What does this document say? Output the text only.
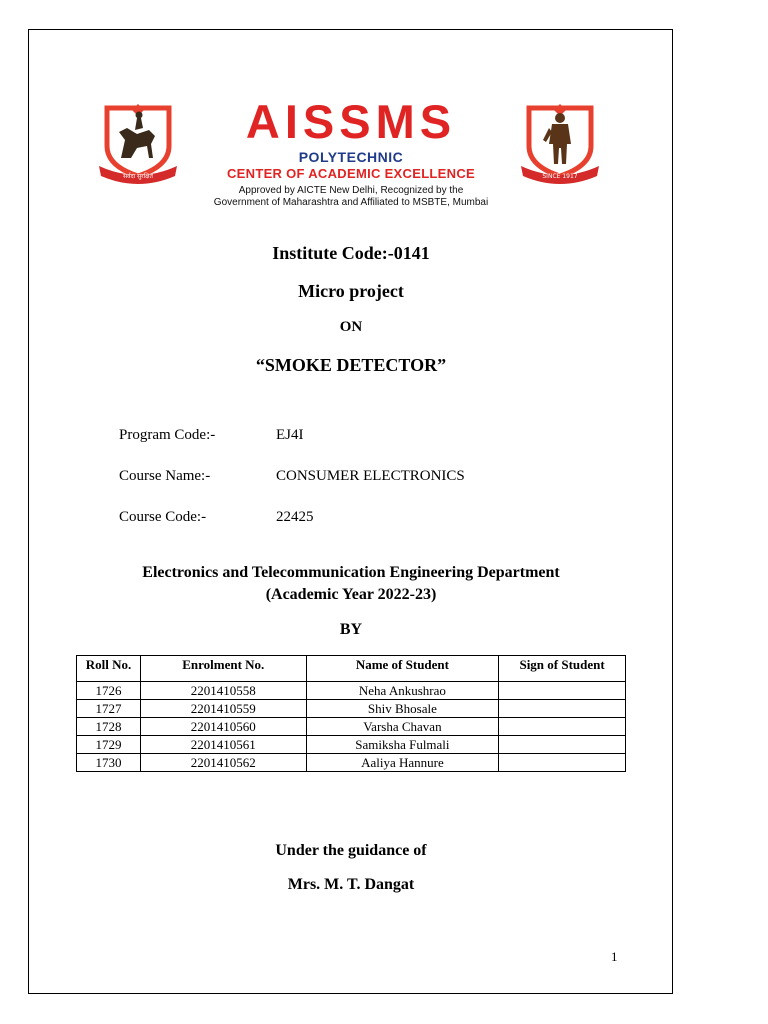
सर्वदा सुरक्षित	SINCE 1917
AISSMS
POLYTECHNIC
CENTER OF ACADEMIC EXCELLENCE
Approved by AICTE New Delhi, Recognized by the
Government of Maharashtra and Affiliated to MSBTE, Mumbai
Institute Code:-0141
Micro project
ON
“SMOKE DETECTOR”
Program Code:-	EJ4I
Course Name:-	CONSUMER ELECTRONICS
Course Code:-	22425
Electronics and Telecommunication Engineering Department
(Academic Year 2022-23)
BY
Roll No.	Enrolment No.	Name of Student	Sign of Student
1726	2201410558	Neha Ankushrao	
1727	2201410559	Shiv Bhosale	
1728	2201410560	Varsha Chavan	
1729	2201410561	Samiksha Fulmali	
1730	2201410562	Aaliya Hannure	
Under the guidance of
Mrs. M. T. Dangat
1
